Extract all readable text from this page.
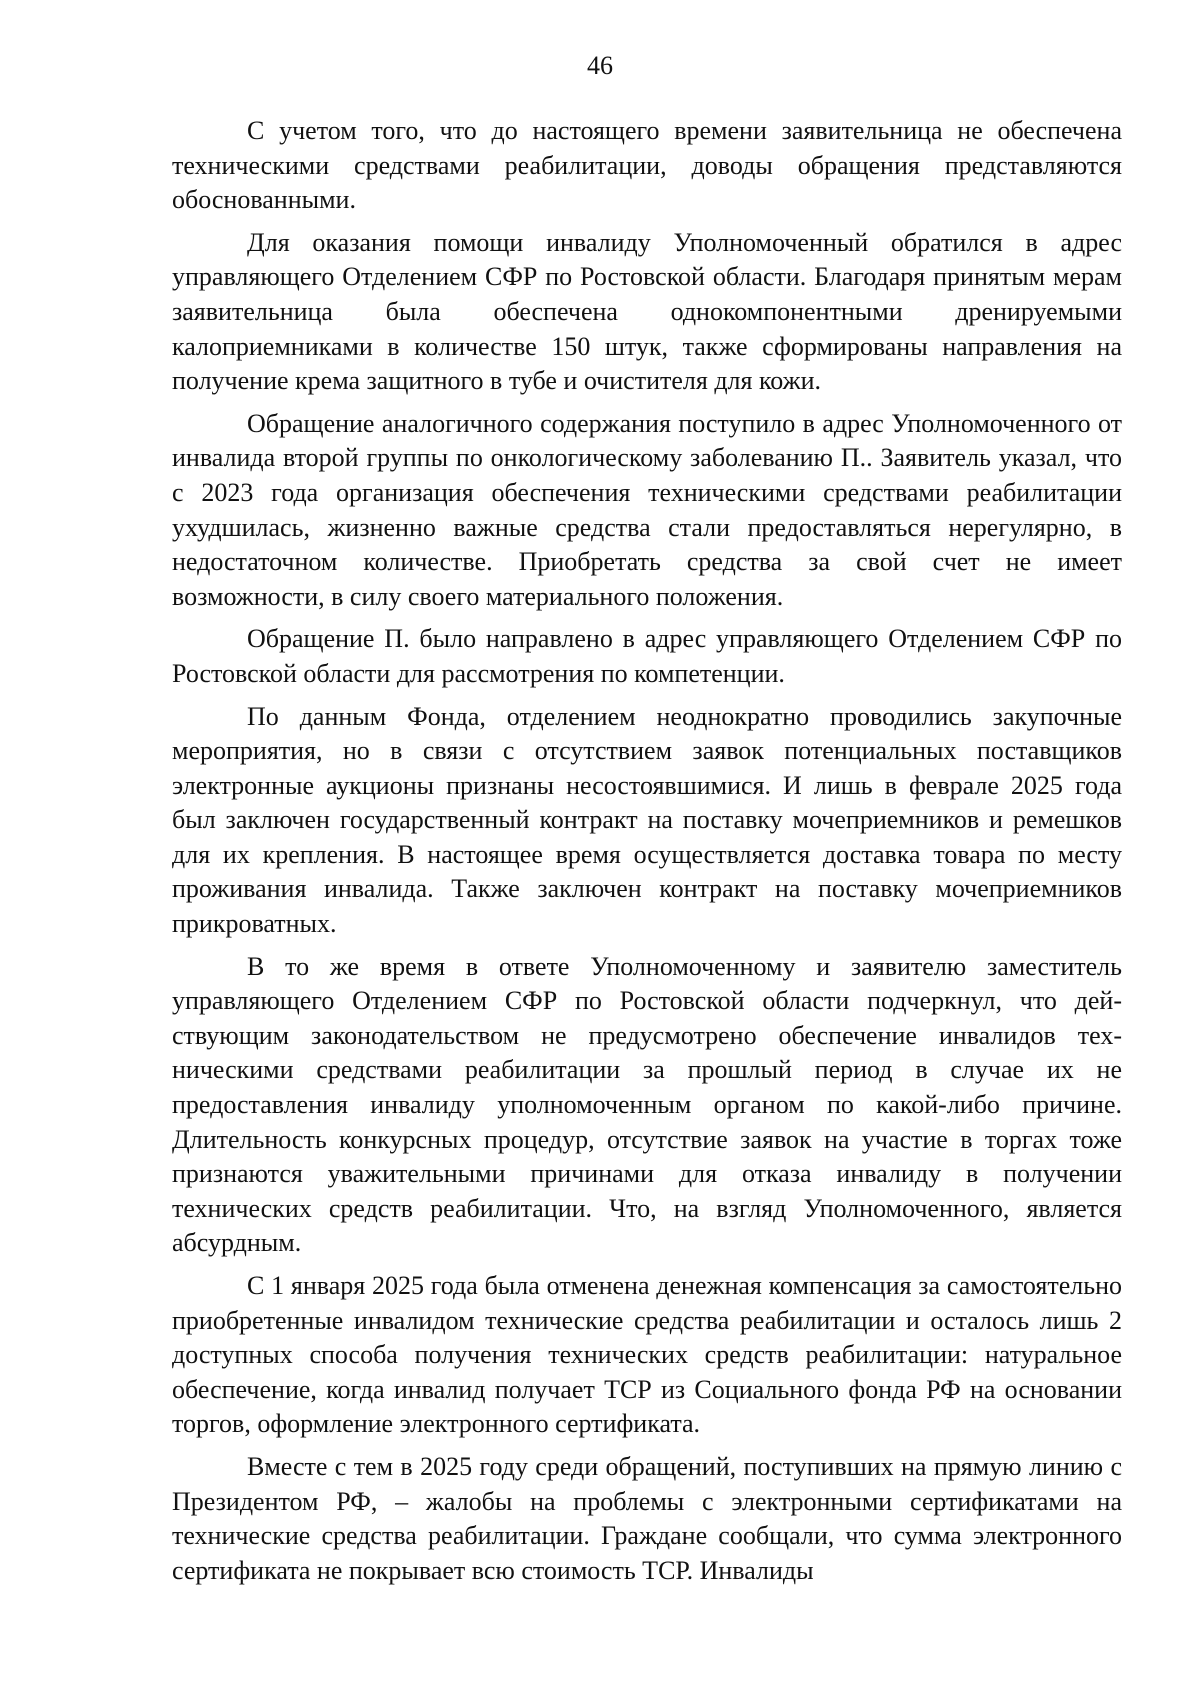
46

С учетом того, что до настоящего времени заявительница не обеспечена техническими средствами реабилитации, доводы обращения представляются обоснованными.

Для оказания помощи инвалиду Уполномоченный обратился в адрес управляющего Отделением СФР по Ростовской области. Благодаря принятым мерам заявительница была обеспечена однокомпонентными дренируемыми калоприемниками в количестве 150 штук, также сформированы направления на получение крема защитного в тубе и очистителя для кожи.

Обращение аналогичного содержания поступило в адрес Уполномоченного от инвалида второй группы по онкологическому заболеванию П.. Заявитель указал, что с 2023 года организация обеспечения техническими средствами реабилитации ухудшилась, жизненно важные средства стали предоставляться нерегулярно, в недостаточном количестве. Приобретать средства за свой счет не имеет возможности, в силу своего материального положения.

Обращение П. было направлено в адрес управляющего Отделением СФР по Ростовской области для рассмотрения по компетенции.

По данным Фонда, отделением неоднократно проводились закупочные мероприятия, но в связи с отсутствием заявок потенциальных поставщиков электронные аукционы признаны несостоявшимися. И лишь в феврале 2025 года был заключен государственный контракт на поставку мочеприемников и ремешков для их крепления. В настоящее время осуществляется доставка товара по месту проживания инвалида. Также заключен контракт на поставку мочеприемников прикроватных.

В то же время в ответе Уполномоченному и заявителю заместитель управляющего Отделением СФР по Ростовской области подчеркнул, что действующим законодательством не предусмотрено обеспечение инвалидов техническими средствами реабилитации за прошлый период в случае их не предоставления инвалиду уполномоченным органом по какой-либо причине. Длительность конкурсных процедур, отсутствие заявок на участие в торгах тоже признаются уважительными причинами для отказа инвалиду в получении технических средств реабилитации. Что, на взгляд Уполномоченного, является абсурдным.

С 1 января 2025 года была отменена денежная компенсация за самостоятельно приобретенные инвалидом технические средства реабилитации и осталось лишь 2 доступных способа получения технических средств реабилитации: натуральное обеспечение, когда инвалид получает ТСР из Социального фонда РФ на основании торгов, оформление электронного сертификата.

Вместе с тем в 2025 году среди обращений, поступивших на прямую линию с Президентом РФ, – жалобы на проблемы с электронными сертификатами на технические средства реабилитации. Граждане сообщали, что сумма электронного сертификата не покрывает всю стоимость ТСР. Инвалиды
